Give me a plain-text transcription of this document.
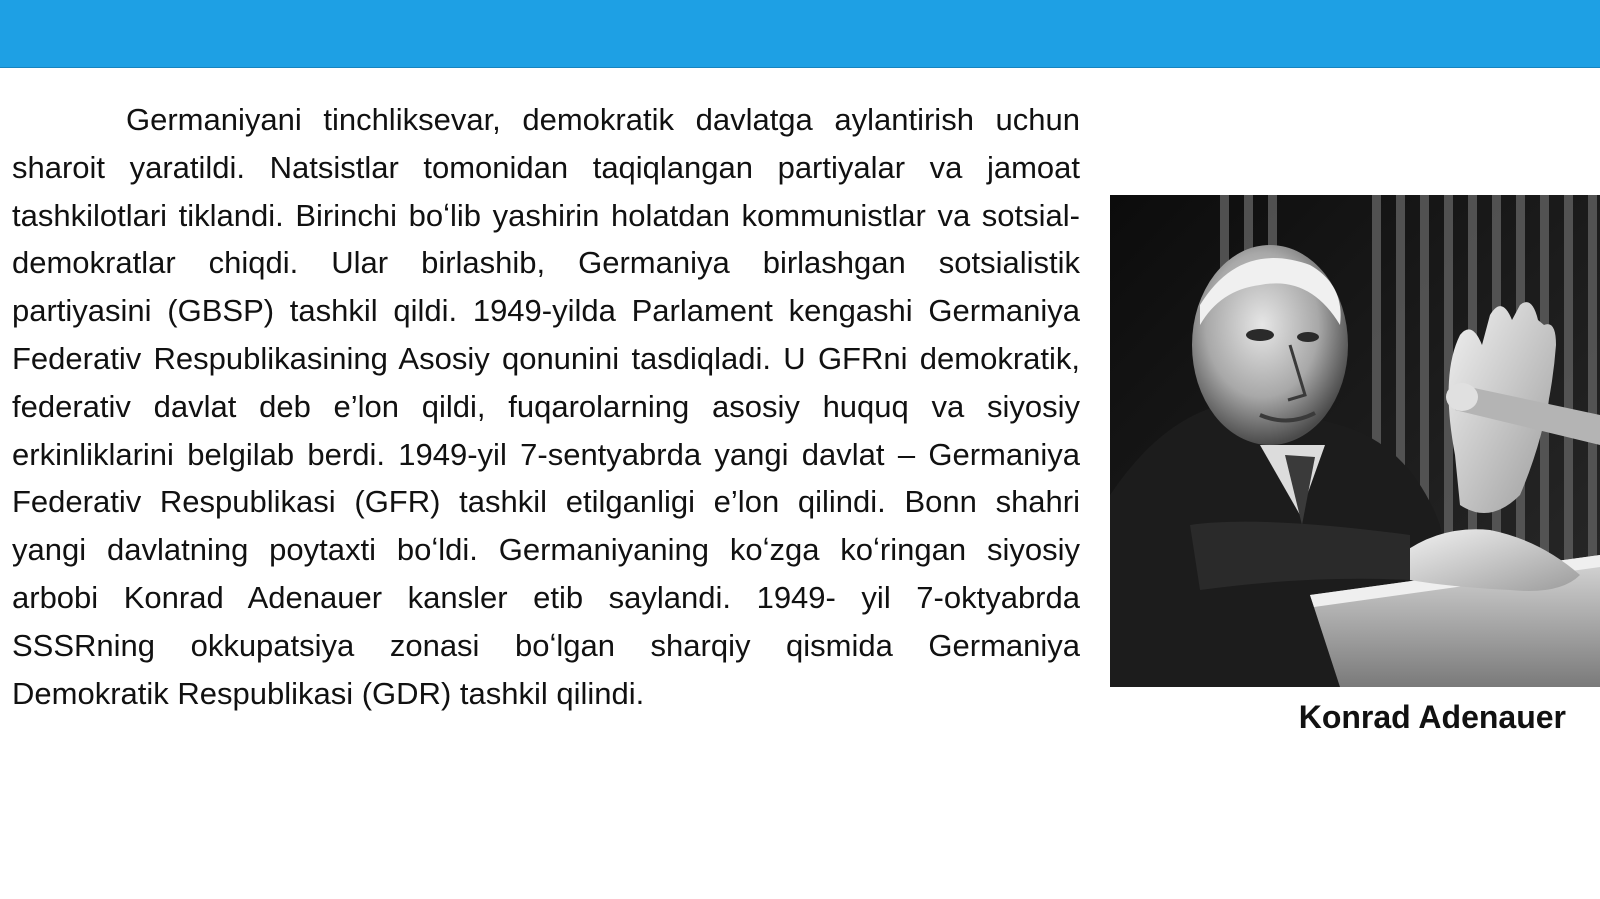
Germaniyani tinchliksevar, demokratik davlatga aylantirish uchun sharoit yaratildi. Natsistlar tomonidan taqiqlangan partiyalar va jamoat tashkilotlari tiklandi. Birinchi boʻlib yashirin holatdan kommunistlar va sotsial-demokratlar chiqdi. Ular birlashib, Germaniya birlashgan sotsialistik partiyasini (GBSP) tashkil qildi. 1949-yilda Parlament kengashi Germaniya Federativ Respublikasining Asosiy qonunini tasdiqladi. U GFRni demokratik, federativ davlat deb e’lon qildi, fuqarolarning asosiy huquq va siyosiy erkinliklarini belgilab berdi. 1949-yil 7-sentyabrda yangi davlat – Germaniya Federativ Respublikasi (GFR) tashkil etilganligi e’lon qilindi. Bonn shahri yangi davlatning poytaxti boʻldi. Germaniyaning koʻzga koʻringan siyosiy arbobi Konrad Adenauer kansler etib saylandi. 1949- yil 7-oktyabrda SSSRning okkupatsiya zonasi boʻlgan sharqiy qismida Germaniya Demokratik Respublikasi (GDR) tashkil qilindi.

Konrad Adenauer
